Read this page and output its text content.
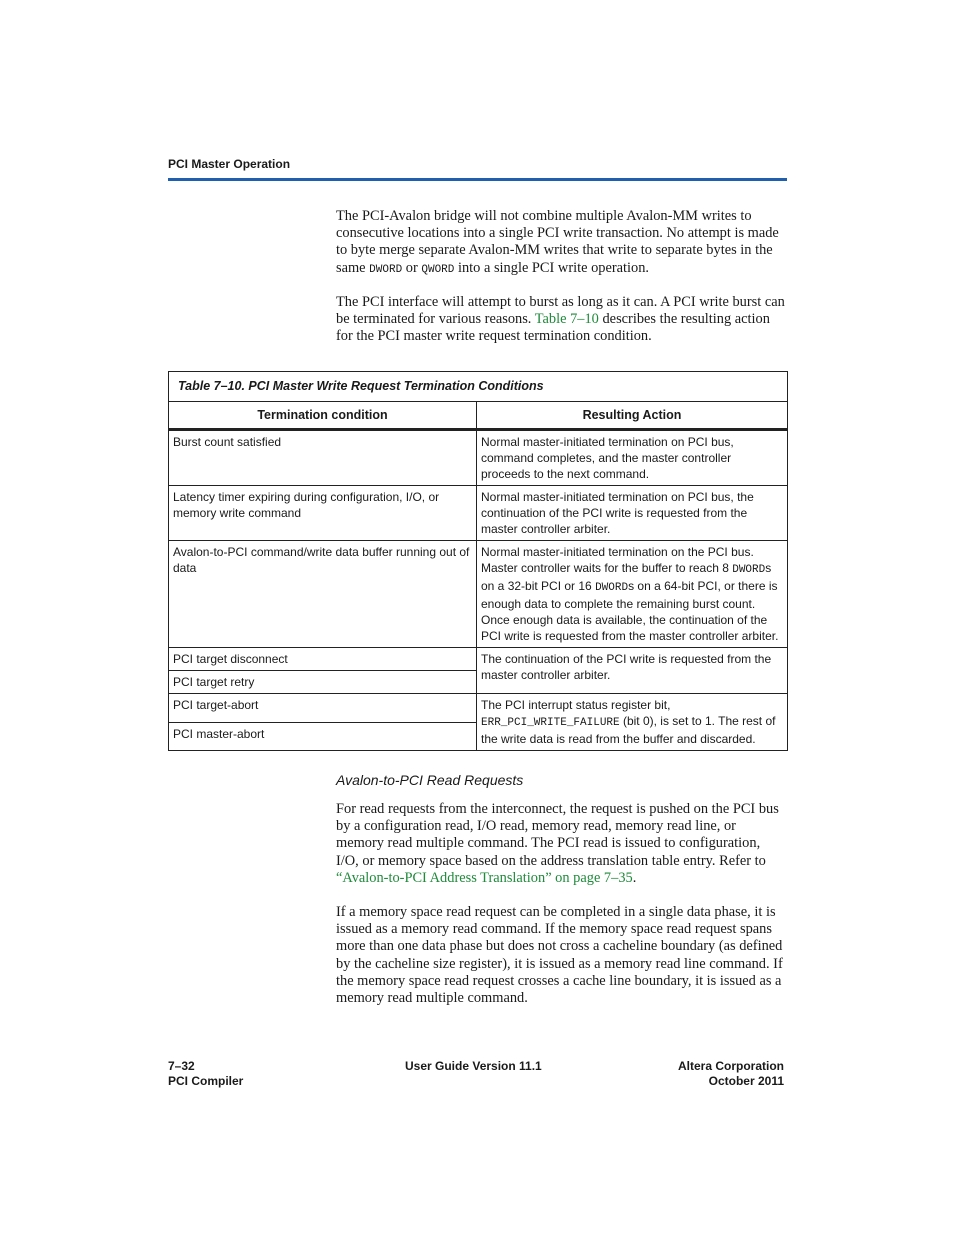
PCI Master Operation
The PCI-Avalon bridge will not combine multiple Avalon-MM writes to consecutive locations into a single PCI write transaction. No attempt is made to byte merge separate Avalon-MM writes that write to separate bytes in the same DWORD or QWORD into a single PCI write operation.
The PCI interface will attempt to burst as long as it can. A PCI write burst can be terminated for various reasons. Table 7–10 describes the resulting action for the PCI master write request termination condition.
Table 7–10. PCI Master Write Request Termination Conditions	
Termination condition	Resulting Action
Burst count satisfied	Normal master-initiated termination on PCI bus, command completes, and the master controller proceeds to the next command.
Latency timer expiring during configuration, I/O, or memory write command	Normal master-initiated termination on PCI bus, the continuation of the PCI write is requested from the master controller arbiter.
Avalon-to-PCI command/write data buffer running out of data	Normal master-initiated termination on the PCI bus. Master controller waits for the buffer to reach 8 DWORDs on a 32-bit PCI or 16 DWORDs on a 64-bit PCI, or there is enough data to complete the remaining burst count. Once enough data is available, the continuation of the PCI write is requested from the master controller arbiter.
PCI target disconnect	The continuation of the PCI write is requested from the master controller arbiter.
PCI target retry	
PCI target-abort	The PCI interrupt status register bit, ERR_PCI_WRITE_FAILURE (bit 0), is set to 1. The rest of the write data is read from the buffer and discarded.
PCI master-abort	
Avalon-to-PCI Read Requests
For read requests from the interconnect, the request is pushed on the PCI bus by a configuration read, I/O read, memory read, memory read line, or memory read multiple command. The PCI read is issued to configuration, I/O, or memory space based on the address translation table entry. Refer to “Avalon-to-PCI Address Translation” on page 7–35.
If a memory space read request can be completed in a single data phase, it is issued as a memory read command. If the memory space read request spans more than one data phase but does not cross a cacheline boundary (as defined by the cacheline size register), it is issued as a memory read line command. If the memory space read request crosses a cache line boundary, it is issued as a memory read multiple command.
7–32
PCI Compiler
User Guide Version 11.1	Altera Corporation
October 2011
